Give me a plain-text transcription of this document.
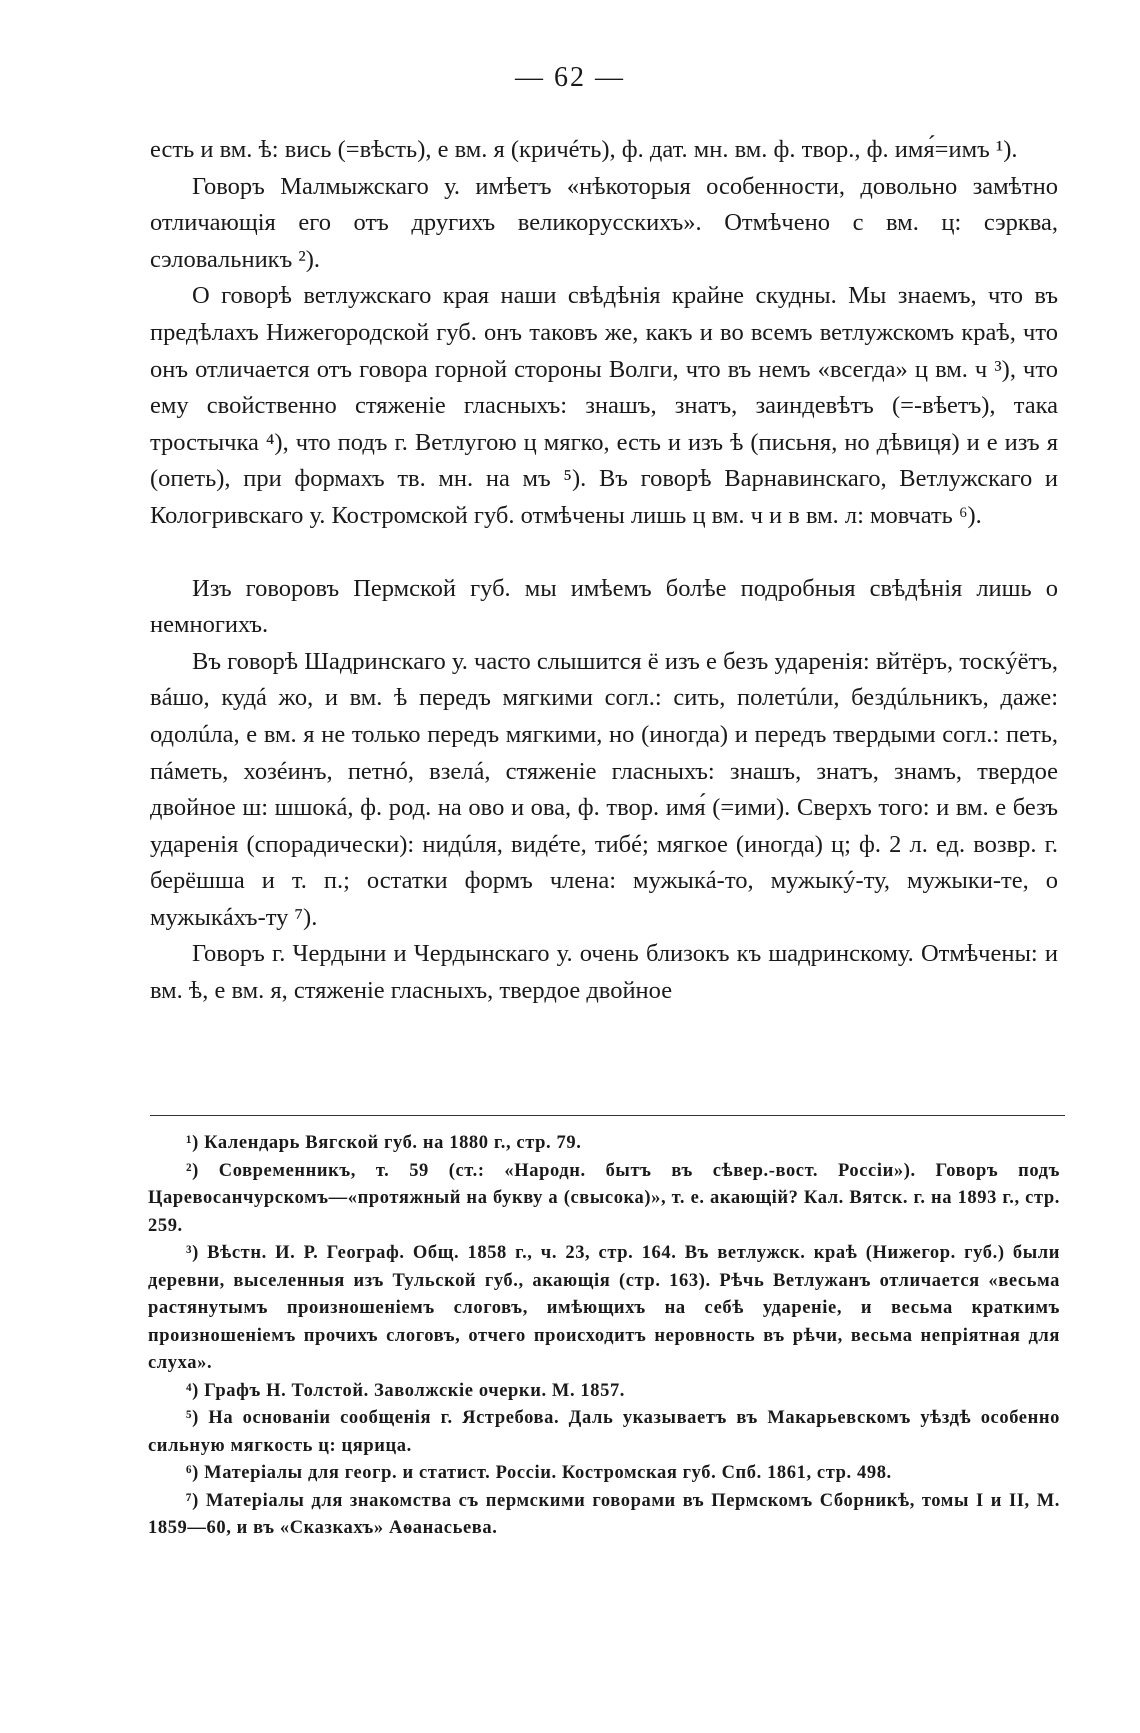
— 62 —

есть и вм. ѣ: вись (=вѣсть), е вм. я (кричéть), ф. дат. мн. вм. ф. твор., ф. имя́=имъ ¹).

Говоръ Малмыжскаго у. имѣетъ «нѣкоторыя особенности, довольно замѣтно отличающія его отъ другихъ великорусскихъ». Отмѣчено с вм. ц: сэрква, сэловальникъ ²).

О говорѣ ветлужскаго края наши свѣдѣнія крайне скудны. Мы знаемъ, что въ предѣлахъ Нижегородской губ. онъ таковъ же, какъ и во всемъ ветлужскомъ краѣ, что онъ отличается отъ говора горной стороны Волги, что въ немъ «всегда» ц вм. ч ³), что ему свойственно стяженіе гласныхъ: знашъ, знатъ, заиндевѣтъ (=-вѣетъ), така тростычка ⁴), что подъ г. Ветлугою ц мягко, есть и изъ ѣ (письня, но дѣвиця) и е изъ я (опеть), при формахъ тв. мн. на мъ ⁵). Въ говорѣ Варнавинскаго, Ветлужскаго и Кологривскаго у. Костромской губ. отмѣчены лишь ц вм. ч и в вм. л: мовчать ⁶).

Изъ говоровъ Пермской губ. мы имѣемъ болѣе подробныя свѣдѣнія лишь о немногихъ.

Въ говорѣ Шадринскаго у. часто слышится ё изъ е безъ ударенія: вйтёръ, тоскýётъ, вáшо, кудá жо, и вм. ѣ передъ мягкими согл.: сить, полетúли, бездúльникъ, даже: одолúла, е вм. я не только передъ мягкими, но (иногда) и передъ твердыми согл.: петь, пáметь, хозéинъ, петнó, взелá, стяженіе гласныхъ: знашъ, знатъ, знамъ, твердое двойное ш: шшокá, ф. род. на ово и ова, ф. твор. имя́ (=ими). Сверхъ того: и вм. е безъ ударенія (спорадически): нидúля, видéте, тибé; мягкое (иногда) ц; ф. 2 л. ед. возвр. г. берёшша и т. п.; остатки формъ члена: мужыкá-то, мужыкý-ту, мужыки-те, о мужыкáхъ-ту ⁷).

Говоръ г. Чердыни и Чердынскаго у. очень близокъ къ шадринскому. Отмѣчены: и вм. ѣ, е вм. я, стяженіе гласныхъ, твердое двойное

¹) Календарь Вягской губ. на 1880 г., стр. 79.

²) Современникъ, т. 59 (ст.: «Народн. бытъ въ сѣвер.-вост. Россіи»). Говоръ подъ Царевосанчурскомъ—«протяжный на букву а (свысока)», т. е. акающій? Кал. Вятск. г. на 1893 г., стр. 259.

³) Вѣстн. И. Р. Географ. Общ. 1858 г., ч. 23, стр. 164. Въ ветлужск. краѣ (Нижегор. губ.) были деревни, выселенныя изъ Тульской губ., акающія (стр. 163). Рѣчь Ветлужанъ отличается «весьма растянутымъ произношеніемъ слоговъ, имѣющихъ на себѣ удареніе, и весьма краткимъ произношеніемъ прочихъ слоговъ, отчего происходитъ неровность въ рѣчи, весьма непріятная для слуха».

⁴) Графъ Н. Толстой. Заволжскіе очерки. М. 1857.

⁵) На основаніи сообщенія г. Ястребова. Даль указываетъ въ Макарьевскомъ уѣздѣ особенно сильную мягкость ц: цярица.

⁶) Матеріалы для геогр. и статист. Россіи. Костромская губ. Спб. 1861, стр. 498.

⁷) Матеріалы для знакомства съ пермскими говорами въ Пермскомъ Сборникѣ, томы I и II, М. 1859—60, и въ «Сказкахъ» Аѳанасьева.
